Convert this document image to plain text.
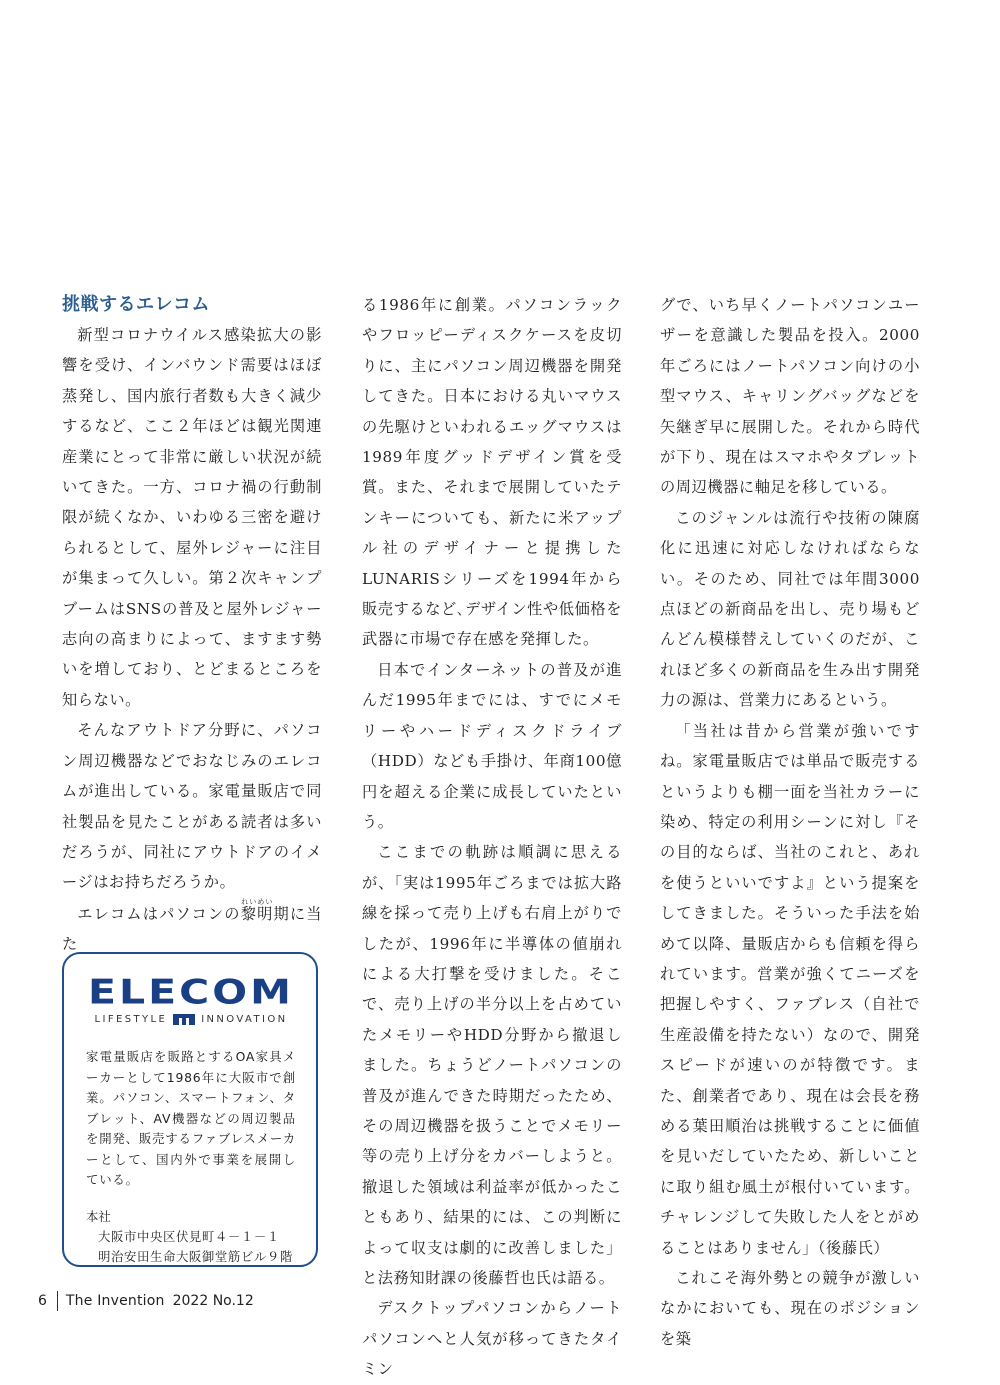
挑戦するエレコム

新型コロナウイルス感染拡大の影響を受け、インバウンド需要はほぼ蒸発し、国内旅行者数も大きく減少するなど、ここ２年ほどは観光関連産業にとって非常に厳しい状況が続いてきた。一方、コロナ禍の行動制限が続くなか、いわゆる三密を避けられるとして、屋外レジャーに注目が集まって久しい。第２次キャンプブームはSNSの普及と屋外レジャー志向の高まりによって、ますます勢いを増しており、とどまるところを知らない。

そんなアウトドア分野に、パソコン周辺機器などでおなじみのエレコムが進出している。家電量販店で同社製品を見たことがある読者は多いだろうが、同社にアウトドアのイメージはお持ちだろうか。

エレコムはパソコンの黎明れいめい期に当た

る1986年に創業。パソコンラックやフロッピーディスクケースを皮切りに、主にパソコン周辺機器を開発してきた。日本における丸いマウスの先駆けといわれるエッグマウスは1989年度グッドデザイン賞を受賞。また、それまで展開していたテンキーについても、新たに米アップル社のデザイナーと提携したLUNARISシリーズを1994年から販売するなど､デザイン性や低価格を武器に市場で存在感を発揮した。

日本でインターネットの普及が進んだ1995年までには、すでにメモリーやハードディスクドライブ（HDD）なども手掛け、年商100億円を超える企業に成長していたという。

ここまでの軌跡は順調に思えるが、「実は1995年ごろまでは拡大路線を採って売り上げも右肩上がりでしたが、1996年に半導体の値崩れによる大打撃を受けました。そこで、売り上げの半分以上を占めていたメモリーやHDD分野から撤退しました。ちょうどノートパソコンの普及が進んできた時期だったため、その周辺機器を扱うことでメモリー等の売り上げ分をカバーしようと。撤退した領域は利益率が低かったこともあり、結果的には、この判断によって収支は劇的に改善しました」と法務知財課の後藤哲也氏は語る。

デスクトップパソコンからノートパソコンへと人気が移ってきたタイミン

グで、いち早くノートパソコンユーザーを意識した製品を投入。2000年ごろにはノートパソコン向けの小型マウス、キャリングバッグなどを矢継ぎ早に展開した。それから時代が下り、現在はスマホやタブレットの周辺機器に軸足を移している。

このジャンルは流行や技術の陳腐化に迅速に対応しなければならない。そのため、同社では年間3000点ほどの新商品を出し、売り場もどんどん模様替えしていくのだが、これほど多くの新商品を生み出す開発力の源は、営業力にあるという。

「当社は昔から営業が強いですね。家電量販店では単品で販売するというよりも棚一面を当社カラーに染め、特定の利用シーンに対し『その目的ならば、当社のこれと、あれを使うといいですよ』という提案をしてきました。そういった手法を始めて以降、量販店からも信頼を得られています。営業が強くてニーズを把握しやすく、ファブレス（自社で生産設備を持たない）なので、開発スピードが速いのが特徴です。また、創業者であり、現在は会長を務める葉田順治は挑戦することに価値を見いだしていたため、新しいことに取り組む風土が根付いています。チャレンジして失敗した人をとがめることはありません」（後藤氏）

これこそ海外勢との競争が激しいなかにおいても、現在のポジションを築

ELECOM
LIFESTYLE	INNOVATION
家電量販店を販路とするOA家具メーカーとして1986年に大阪市で創業。パソコン、スマートフォン、タブレット、AV機器などの周辺製品を開発、販売するファブレスメーカーとして、国内外で事業を展開している。
本社
大阪市中央区伏見町４－１－１
明治安田生命大阪御堂筋ビル９階
6 The Invention 2022 No.12
